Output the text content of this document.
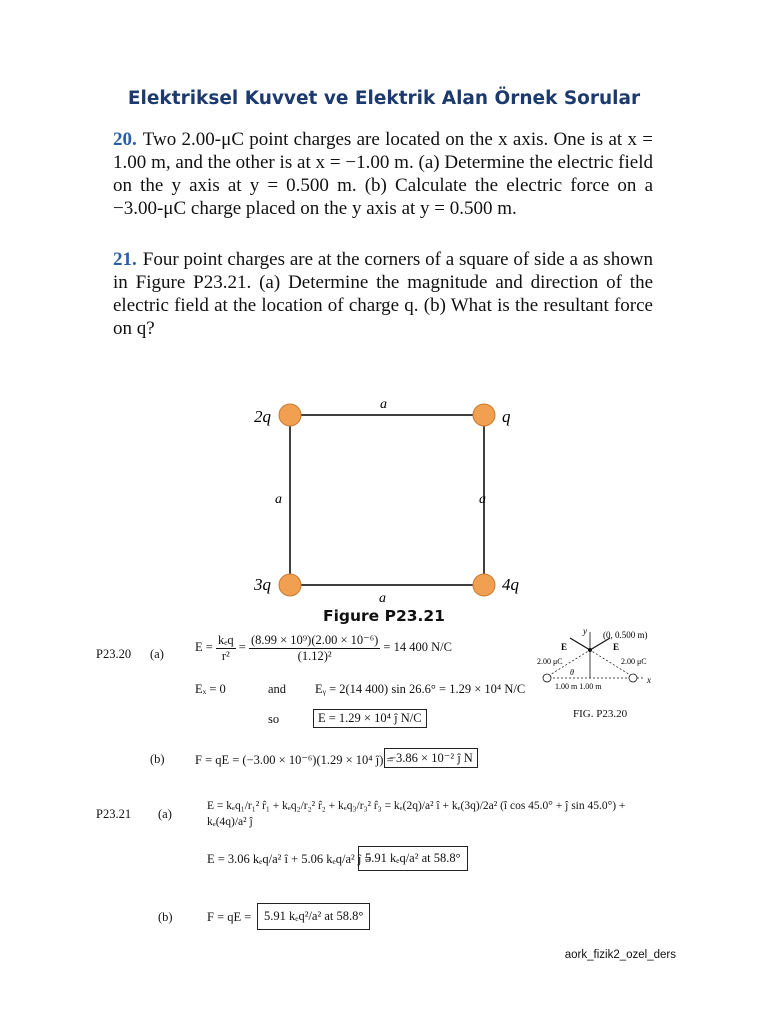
Elektriksel Kuvvet ve Elektrik Alan Örnek Sorular
20. Two 2.00-μC point charges are located on the x axis. One is at x = 1.00 m, and the other is at x = −1.00 m. (a) Determine the electric field on the y axis at y = 0.500 m. (b) Calculate the electric force on a −3.00-μC charge placed on the y axis at y = 0.500 m.
21. Four point charges are at the corners of a square of side a as shown in Figure P23.21. (a) Determine the magnitude and direction of the electric field at the location of charge q. (b) What is the resultant force on q?
2q	q
3q	4q
a
a	a
a
Figure P23.21
P23.20 (a)
E =
kₑq
r²
= $\frac{\text{(8.99 × 10⁹)(2.00 × 10⁻⁶)}}{\text{(1.12)²}} = 14$ 400 N/C
Eₓ = 0	and Eᵧ = 2(14 400) sin 26.6° = 1.29 × 10⁴ N/C
so	E = 1.29 × 10⁴ ĵ N/C
(b) F = qE = (−3.00 × 10⁻⁶)(1.29 × 10⁴ ĵ) =
−3.86 × 10⁻² ĵ N
(0, 0.500 m)
y
x
E	E
2.00 μC	2.00 μC
θ
1.00 m 1.00 m
FIG. P23.20
P23.21 (a)
E = kₑq₁/r₁² r̂₁ + kₑq₂/r₂² r̂₂ + kₑq₃/r₃² r̂₃ = kₑ(2q)/a² î + kₑ(3q)/2a² (î cos 45.0° + ĵ sin 45.0°) + kₑ(4q)/a² ĵ
E = 3.06 kₑq/a² î + 5.06 kₑq/a² ĵ =
5.91 kₑq/a² at 58.8°
(b)	F = qE =	5.91 kₑq²/a² at 58.8°
aork_fizik2_ozel_ders
